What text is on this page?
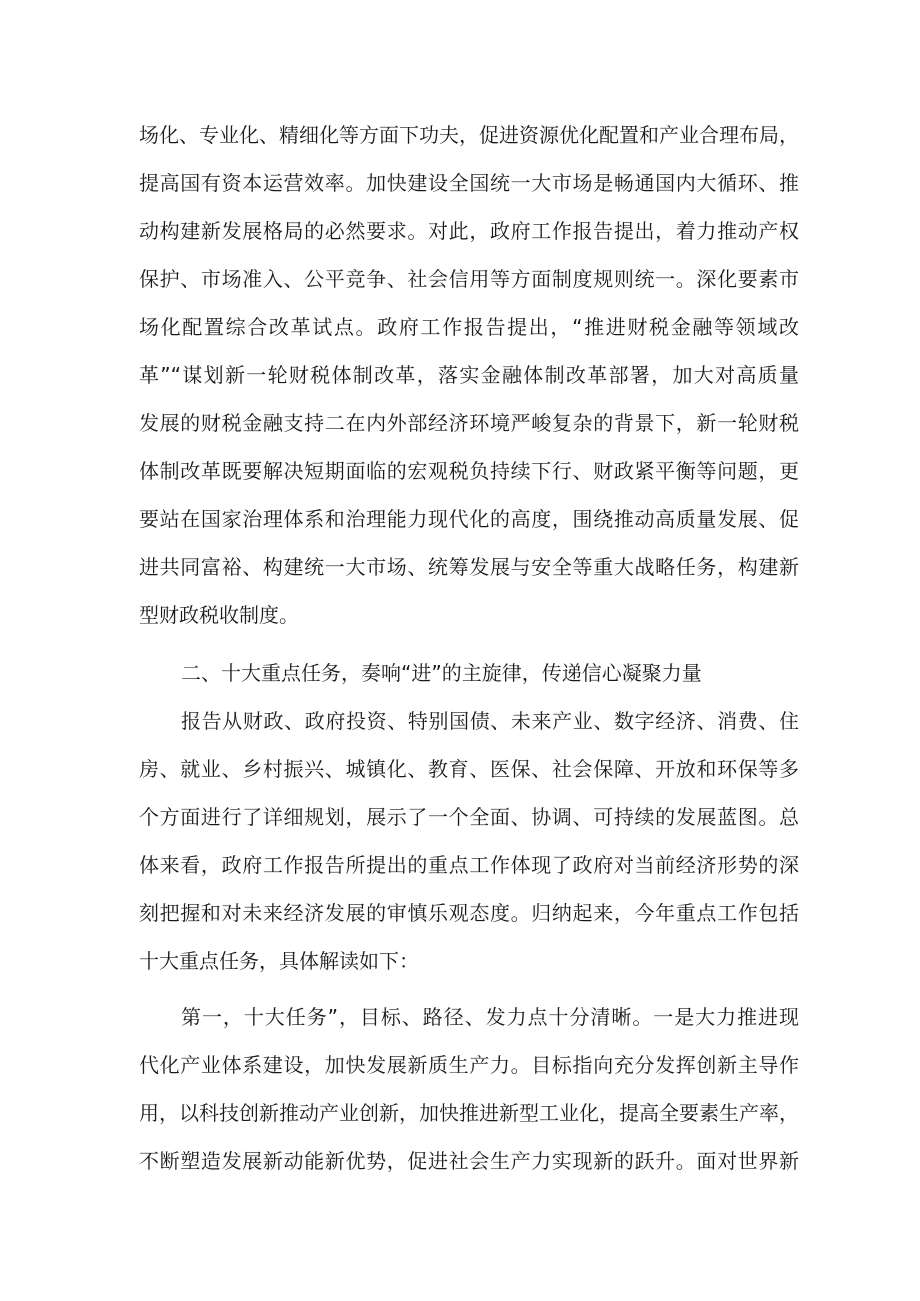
场化、专业化、精细化等方面下功夫，促进资源优化配置和产业合理布局，
提高国有资本运营效率。加快建设全国统一大市场是畅通国内大循环、推
动构建新发展格局的必然要求。对此，政府工作报告提出，着力推动产权
保护、市场准入、公平竞争、社会信用等方面制度规则统一。深化要素市
场化配置综合改革试点。政府工作报告提出，“推进财税金融等领域改
革”“谋划新一轮财税体制改革，落实金融体制改革部署，加大对高质量
发展的财税金融支持二在内外部经济环境严峻复杂的背景下，新一轮财税
体制改革既要解决短期面临的宏观税负持续下行、财政紧平衡等问题，更
要站在国家治理体系和治理能力现代化的高度，围绕推动高质量发展、促
进共同富裕、构建统一大市场、统筹发展与安全等重大战略任务，构建新
型财政税收制度。
二、十大重点任务，奏响“进”的主旋律，传递信心凝聚力量
报告从财政、政府投资、特别国债、未来产业、数字经济、消费、住
房、就业、乡村振兴、城镇化、教育、医保、社会保障、开放和环保等多
个方面进行了详细规划，展示了一个全面、协调、可持续的发展蓝图。总
体来看，政府工作报告所提出的重点工作体现了政府对当前经济形势的深
刻把握和对未来经济发展的审慎乐观态度。归纳起来，今年重点工作包括
十大重点任务，具体解读如下：
第一，十大任务”，目标、路径、发力点十分清晰。一是大力推进现
代化产业体系建设，加快发展新质生产力。目标指向充分发挥创新主导作
用，以科技创新推动产业创新，加快推进新型工业化，提高全要素生产率，
不断塑造发展新动能新优势，促进社会生产力实现新的跃升。面对世界新
